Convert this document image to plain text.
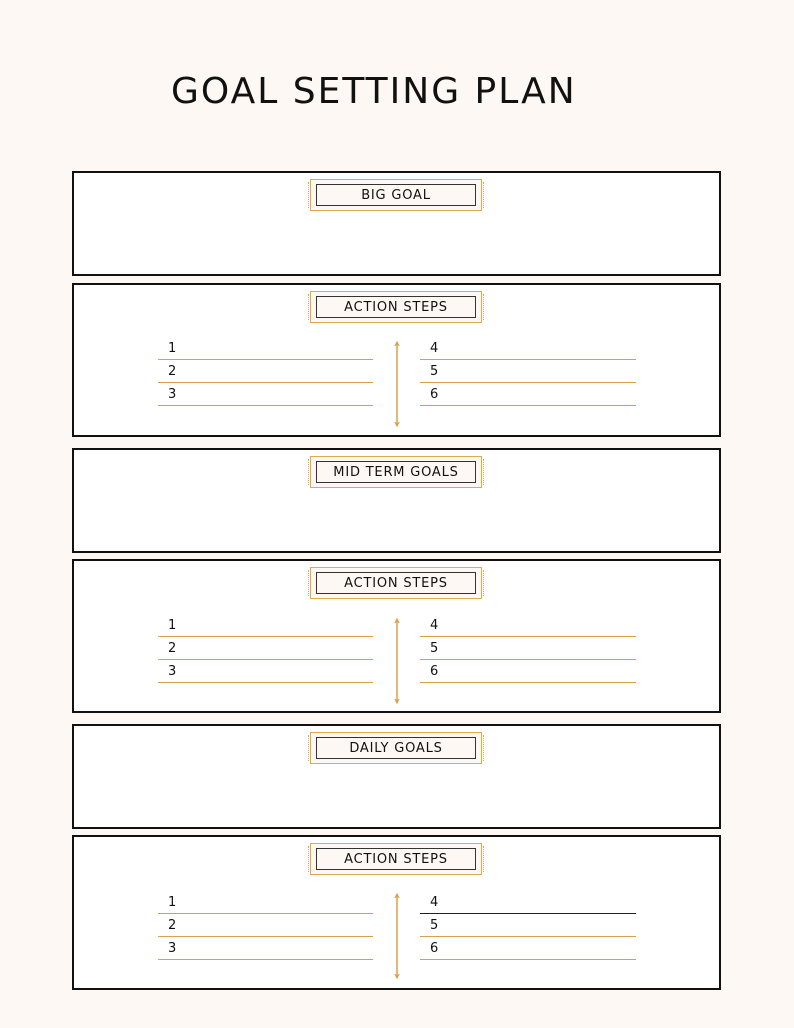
GOAL SETTING PLAN
BIG GOAL
ACTION STEPS
1
2
3
4
5
6
MID TERM GOALS
ACTION STEPS
1
2
3
4
5
6
DAILY GOALS
ACTION STEPS
1
2
3
4
5
6
